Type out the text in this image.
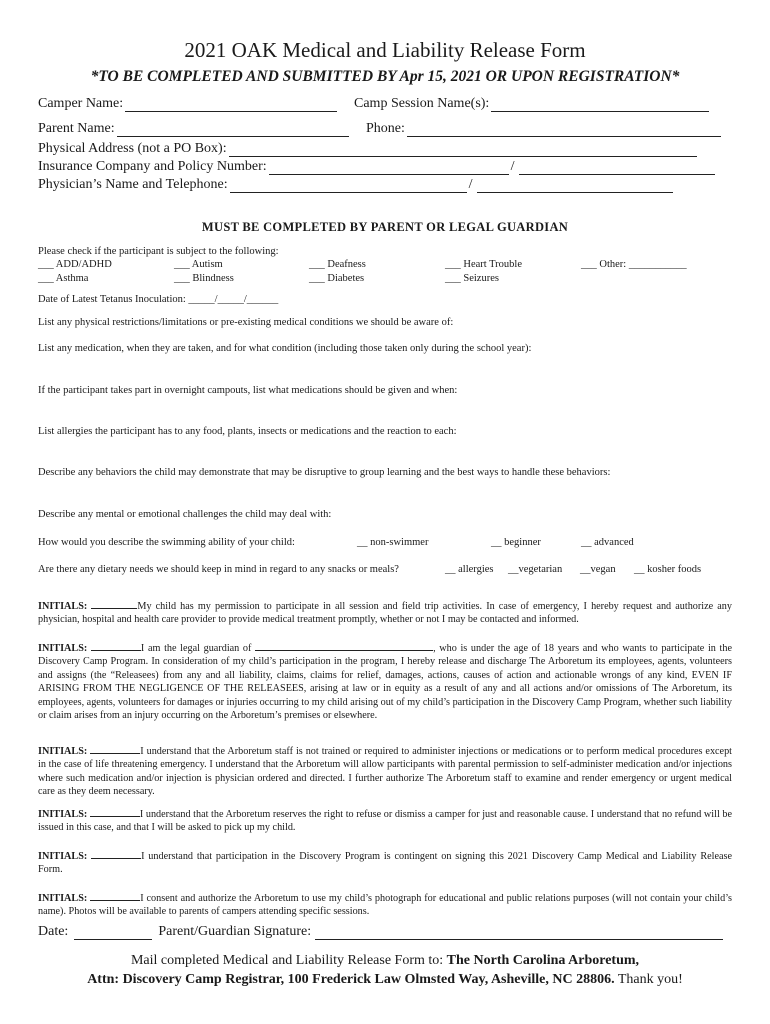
2021 OAK Medical and Liability Release Form
*TO BE COMPLETED AND SUBMITTED BY Apr 15, 2021 OR UPON REGISTRATION*
Camper Name:	Camp Session Name(s):
Parent Name:	Phone:
Physical Address (not a PO Box):
Insurance Company and Policy Number:	/
Physician’s Name and Telephone:	/
MUST BE COMPLETED BY PARENT OR LEGAL GUARDIAN
Please check if the participant is subject to the following:
___ ADD/ADHD	___ Autism	___ Deafness	___ Heart Trouble	___ Other: ___________
___ Asthma	___ Blindness	___ Diabetes	___ Seizures
Date of Latest Tetanus Inoculation: _____/_____/______
List any physical restrictions/limitations or pre-existing medical conditions we should be aware of:
List any medication, when they are taken, and for what condition (including those taken only during the school year):
If the participant takes part in overnight campouts, list what medications should be given and when:
List allergies the participant has to any food, plants, insects or medications and the reaction to each:
Describe any behaviors the child may demonstrate that may be disruptive to group learning and the best ways to handle these behaviors:
Describe any mental or emotional challenges the child may deal with:
How would you describe the swimming ability of your child:	__ non-swimmer	__ beginner	__ advanced
Are there any dietary needs we should keep in mind in regard to any snacks or meals?	__ allergies __vegetarian __vegan __ kosher foods
INITIALS:	My child has my permission to participate in all session and field trip activities. In case of emergency, I hereby request and authorize any physician, hospital and health care provider to provide medical treatment promptly, whether or not I may be contacted and informed.
INITIALS:	I am the legal guardian of	, who is under the age of 18 years and who wants to participate in the Discovery Camp Program. In consideration of my child’s participation in the program, I hereby release and discharge The Arboretum its employees, agents, volunteers and assigns (the “Releasees) from any and all liability, claims, claims for relief, damages, actions, causes of action and actionable wrongs of any kind, EVEN IF ARISING FROM THE NEGLIGENCE OF THE RELEASEES, arising at law or in equity as a result of any and all actions and/or omissions of The Arboretum, its employees, agents, volunteers for damages or injuries occurring to my child arising out of my child’s participation in the Discovery Camp Program, whether such liability or claim arises from an injury occurring on the Arboretum’s premises or elsewhere.
INITIALS:	I understand that the Arboretum staff is not trained or required to administer injections or medications or to perform medical procedures except in the case of life threatening emergency. I understand that the Arboretum will allow participants with parental permission to self-administer medication and/or injections where such medication and/or injection is physician ordered and directed. I further authorize The Arboretum staff to examine and render emergency or urgent medical care as they deem necessary.
INITIALS:	I understand that the Arboretum reserves the right to refuse or dismiss a camper for just and reasonable cause. I understand that no refund will be issued in this case, and that I will be asked to pick up my child.
INITIALS:	I understand that participation in the Discovery Program is contingent on signing this 2021 Discovery Camp Medical and Liability Release Form.
INITIALS:	I consent and authorize the Arboretum to use my child’s photograph for educational and public relations purposes (will not contain your child’s name). Photos will be available to parents of campers attending specific sessions.
Date:	Parent/Guardian Signature:
Mail completed Medical and Liability Release Form to: The North Carolina Arboretum,
Attn: Discovery Camp Registrar, 100 Frederick Law Olmsted Way, Asheville, NC 28806. Thank you!
